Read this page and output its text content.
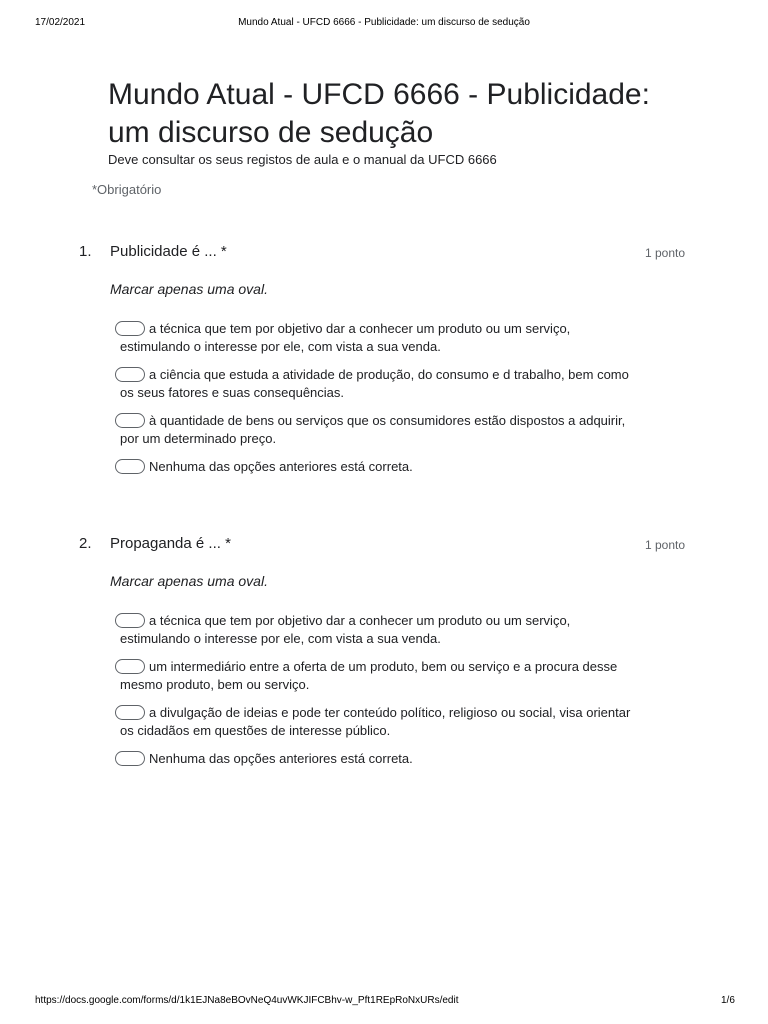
17/02/2021	Mundo Atual - UFCD 6666 - Publicidade: um discurso de sedução
Mundo Atual - UFCD 6666 - Publicidade:
um discurso de sedução
Deve consultar os seus registos de aula e o manual da UFCD 6666
*Obrigatório
1. Publicidade é ... *	1 ponto
Marcar apenas uma oval.
a técnica que tem por objetivo dar a conhecer um produto ou um serviço,
estimulando o interesse por ele, com vista a sua venda.
a ciência que estuda a atividade de produção, do consumo e d trabalho, bem como
os seus fatores e suas consequências.
à quantidade de bens ou serviços que os consumidores estão dispostos a adquirir,
por um determinado preço.
Nenhuma das opções anteriores está correta.
2. Propaganda é ... *	1 ponto
Marcar apenas uma oval.
a técnica que tem por objetivo dar a conhecer um produto ou um serviço,
estimulando o interesse por ele, com vista a sua venda.
um intermediário entre a oferta de um produto, bem ou serviço e a procura desse
mesmo produto, bem ou serviço.
a divulgação de ideias e pode ter conteúdo político, religioso ou social, visa orientar
os cidadãos em questões de interesse público.
Nenhuma das opções anteriores está correta.
https://docs.google.com/forms/d/1k1EJNa8eBOvNeQ4uvWKJIFCBhv-w_Pft1REpRoNxURs/edit	1/6
